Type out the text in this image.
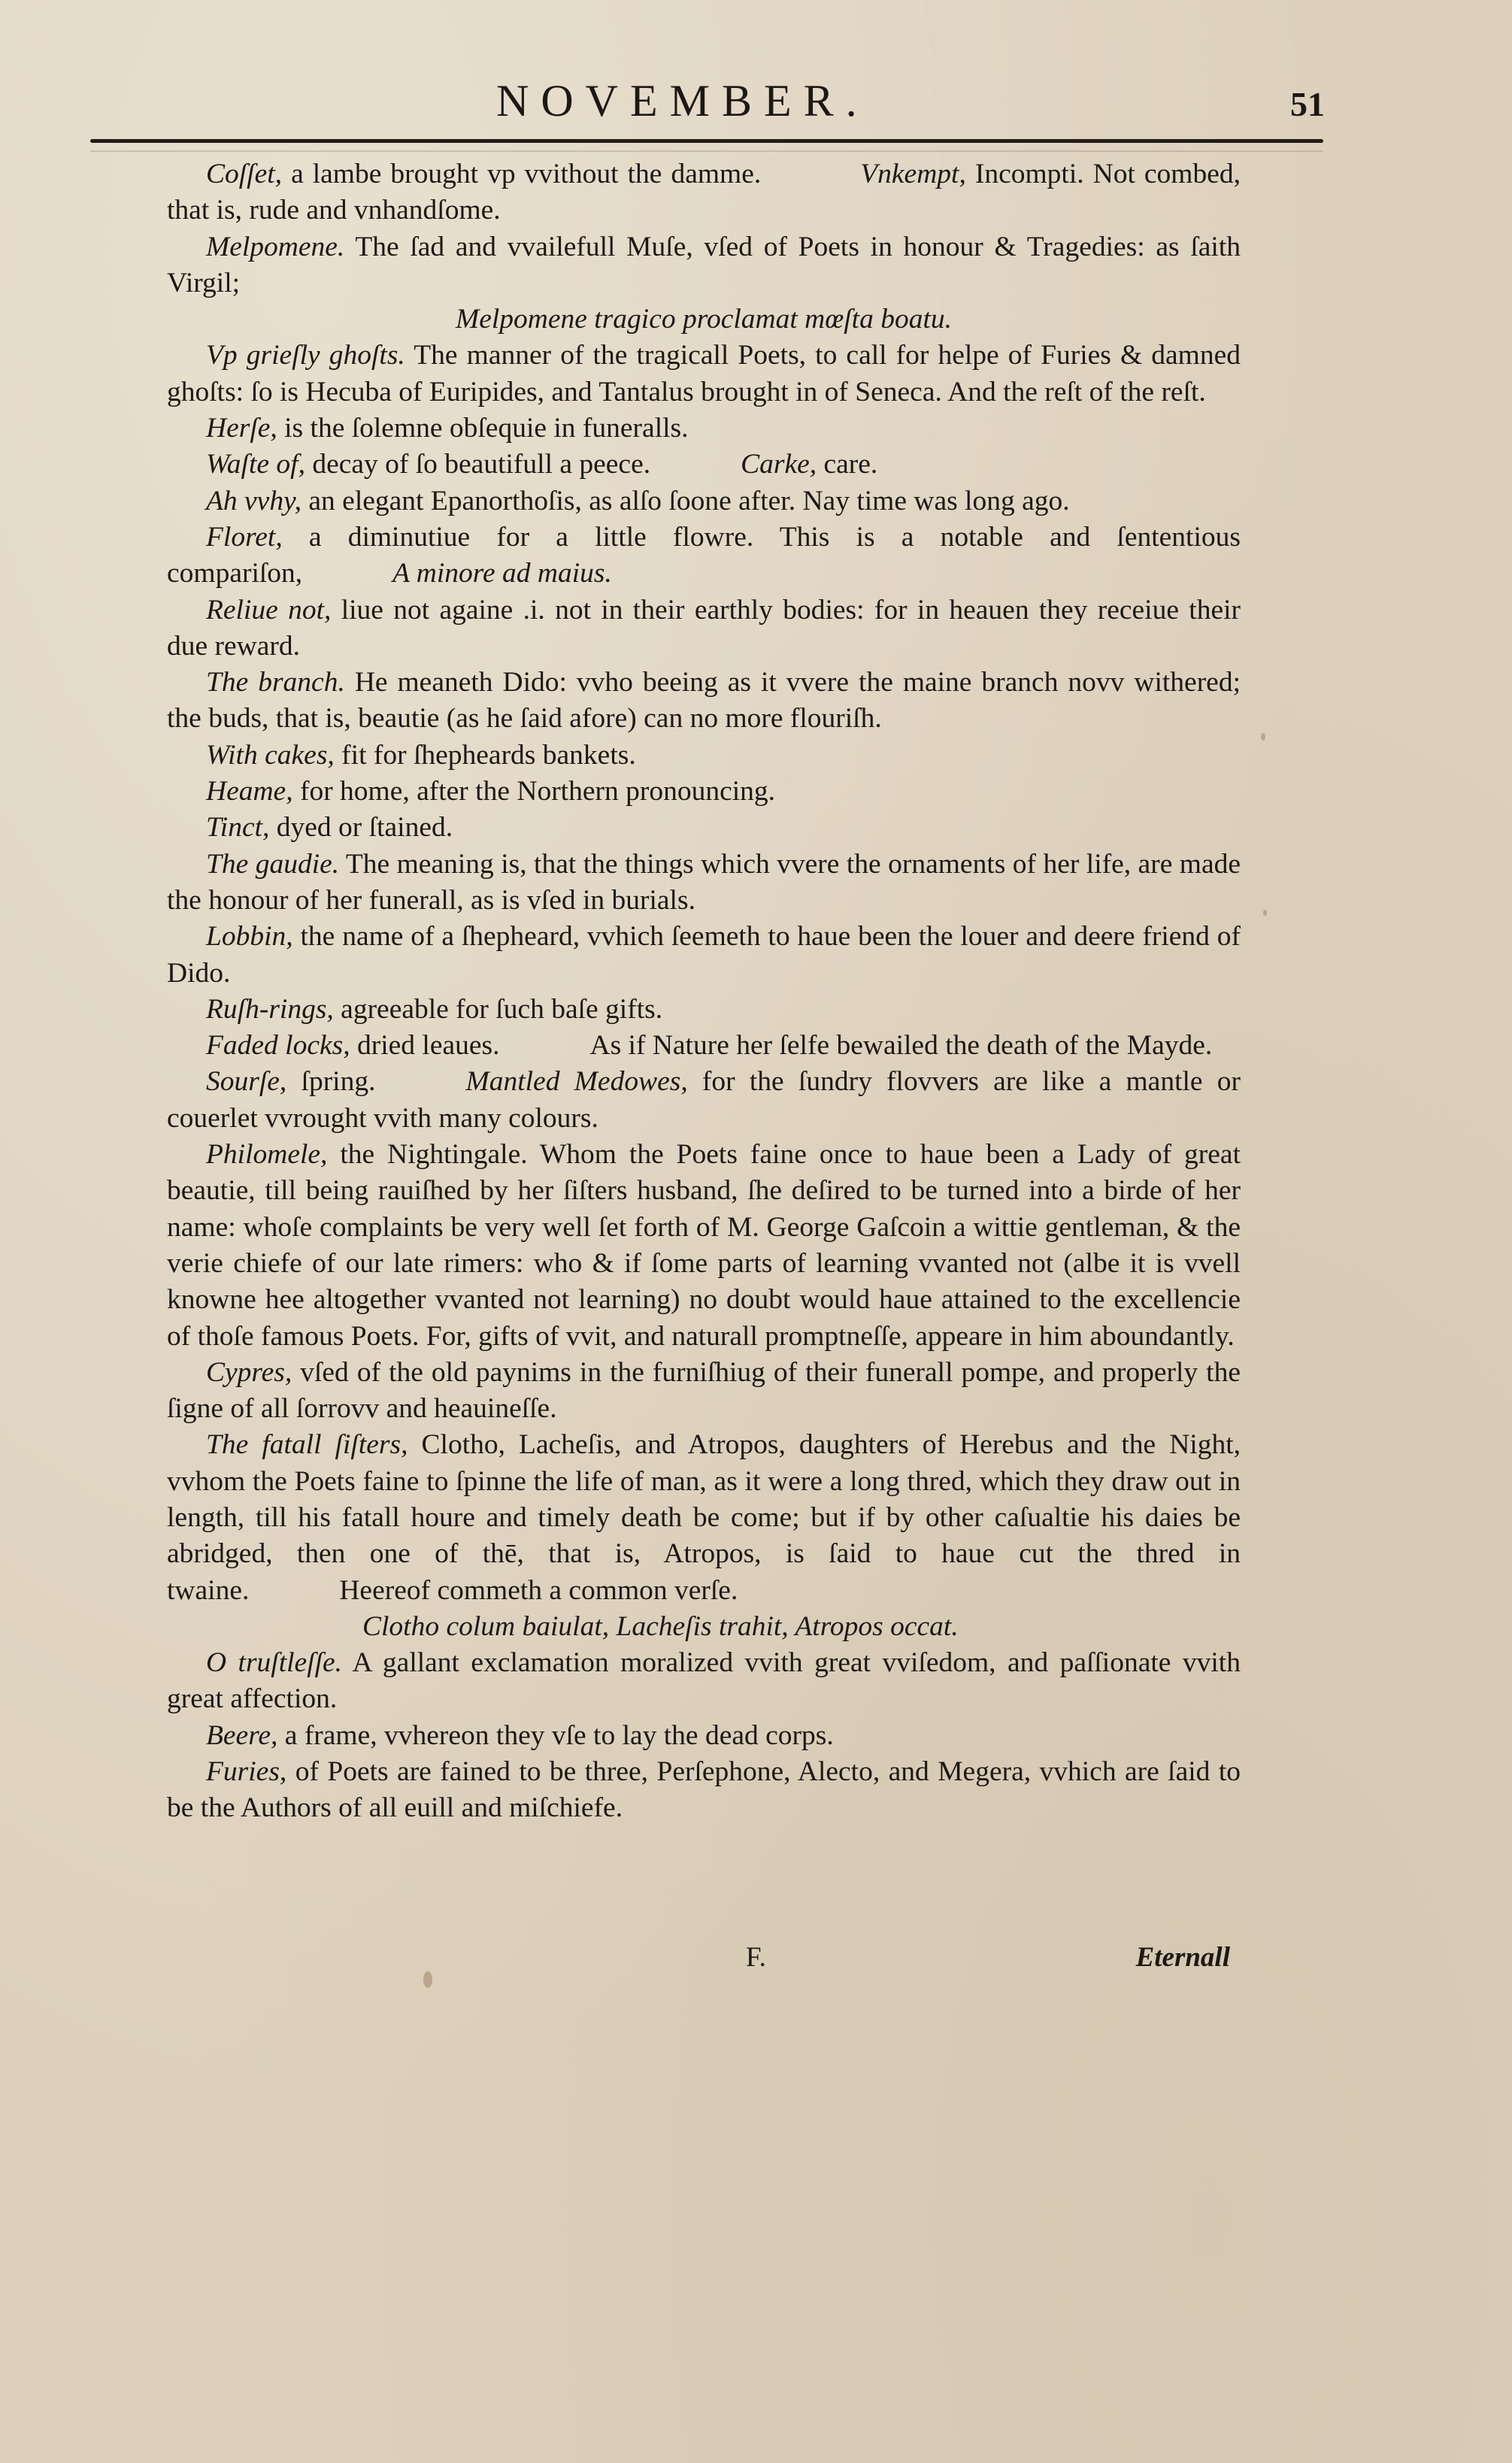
NOVEMBER.	51

Coſſet, a lambe brought vp vvithout the damme.	Vnkempt, Incompti. Not combed, that is, rude and vnhandſome.

Melpomene. The ſad and vvailefull Muſe, vſed of Poets in honour & Tragedies: as ſaith Virgil;

Melpomene tragico proclamat mœſta boatu.

Vp grieſly ghoſts. The manner of the tragicall Poets, to call for helpe of Furies & damned ghoſts: ſo is Hecuba of Euripides, and Tantalus brought in of Seneca. And the reſt of the reſt.

Herſe, is the ſolemne obſequie in funeralls.

Waſte of, decay of ſo beautifull a peece.	Carke, care.

Ah vvhy, an elegant Epanorthoſis, as alſo ſoone after. Nay time was long ago.

Floret, a diminutiue for a little flowre. This is a notable and ſententious compariſon,	A minore ad maius.

Reliue not, liue not againe .i. not in their earthly bodies: for in heauen they receiue their due reward.

The branch. He meaneth Dido: vvho beeing as it vvere the maine branch novv withered; the buds, that is, beautie (as he ſaid afore) can no more flouriſh.

With cakes, fit for ſhepheards bankets.

Heame, for home, after the Northern pronouncing.

Tinct, dyed or ſtained.

The gaudie. The meaning is, that the things which vvere the ornaments of her life, are made the honour of her funerall, as is vſed in burials.

Lobbin, the name of a ſhepheard, vvhich ſeemeth to haue been the louer and deere friend of Dido.

Ruſh-rings, agreeable for ſuch baſe gifts.

Faded locks, dried leaues.	As if Nature her ſelfe bewailed the death of the Mayde.

Sourſe, ſpring.	Mantled Medowes, for the ſundry flovvers are like a mantle or couerlet vvrought vvith many colours.

Philomele, the Nightingale. Whom the Poets faine once to haue been a Lady of great beautie, till being rauiſhed by her ſiſters husband, ſhe deſired to be turned into a birde of her name: whoſe complaints be very well ſet forth of M. George Gaſcoin a wittie gentleman, & the verie chiefe of our late rimers: who & if ſome parts of learning vvanted not (albe it is vvell knowne hee altogether vvanted not learning) no doubt would haue attained to the excellencie of thoſe famous Poets. For, gifts of vvit, and naturall promptneſſe, appeare in him aboundantly.

Cypres, vſed of the old paynims in the furniſhiug of their funerall pompe, and properly the ſigne of all ſorrovv and heauineſſe.

The fatall ſiſters, Clotho, Lacheſis, and Atropos, daughters of Herebus and the Night, vvhom the Poets faine to ſpinne the life of man, as it were a long thred, which they draw out in length, till his fatall houre and timely death be come; but if by other caſualtie his daies be abridged, then one of thē, that is, Atropos, is ſaid to haue cut the thred in twaine.	Heereof commeth a common verſe.

Clotho colum baiulat, Lacheſis trahit, Atropos occat.

O truſtleſſe. A gallant exclamation moralized vvith great vviſedom, and paſſionate vvith great affection.

Beere, a frame, vvhereon they vſe to lay the dead corps.

Furies, of Poets are fained to be three, Perſephone, Alecto, and Megera, vvhich are ſaid to be the Authors of all euill and miſchiefe.

F.	Eternall
